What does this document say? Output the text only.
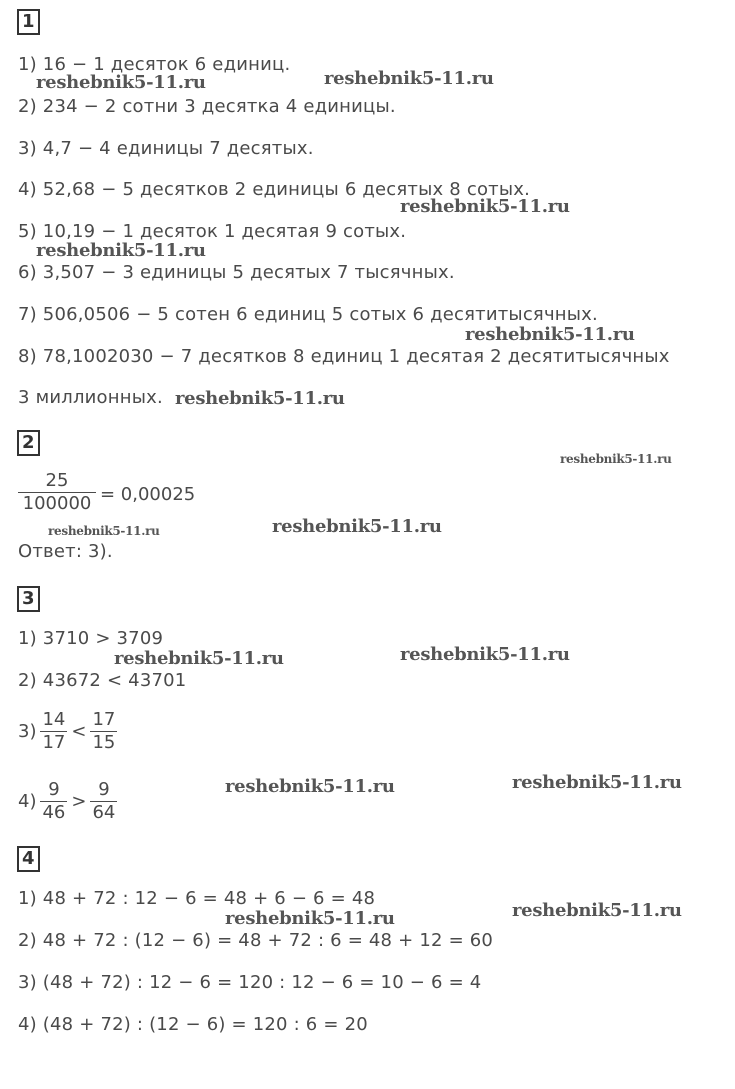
1
1) 16 − 1 десяток 6 единиц.
2) 234 − 2 сотни 3 десятка 4 единицы.
3) 4,7 − 4 единицы 7 десятых.
4) 52,68 − 5 десятков 2 единицы 6 десятых 8 сотых.
5) 10,19 − 1 десяток 1 десятая 9 сотых.
6) 3,507 − 3 единицы 5 десятых 7 тысячных.
7) 506,0506 − 5 сотен 6 единиц 5 сотых 6 десятитысячных.
8) 78,1002030 − 7 десятков 8 единиц 1 десятая 2 десятитысячных
3 миллионных.
2
$\frac{25}{100000} = 0,00025$
Ответ: 3).
3
1) 3710 > 3709
2) 43672 < 43701
$3) \frac{14}{17} < \frac{17}{15}$
$4) \frac{9}{46} > \frac{9}{64}$
4
1) 48 + 72 : 12 − 6 = 48 + 6 − 6 = 48
2) 48 + 72 : (12 − 6) = 48 + 72 : 6 = 48 + 12 = 60
3) (48 + 72) : 12 − 6 = 120 : 12 − 6 = 10 − 6 = 4
4) (48 + 72) : (12 − 6) = 120 : 6 = 20
reshebnik5-11.ru	reshebnik5-11.ru
reshebnik5-11.ru
reshebnik5-11.ru
reshebnik5-11.ru
reshebnik5-11.ru
reshebnik5-11.ru
reshebnik5-11.ru	reshebnik5-11.ru
reshebnik5-11.ru	reshebnik5-11.ru
reshebnik5-11.ru	reshebnik5-11.ru
reshebnik5-11.ru	reshebnik5-11.ru
